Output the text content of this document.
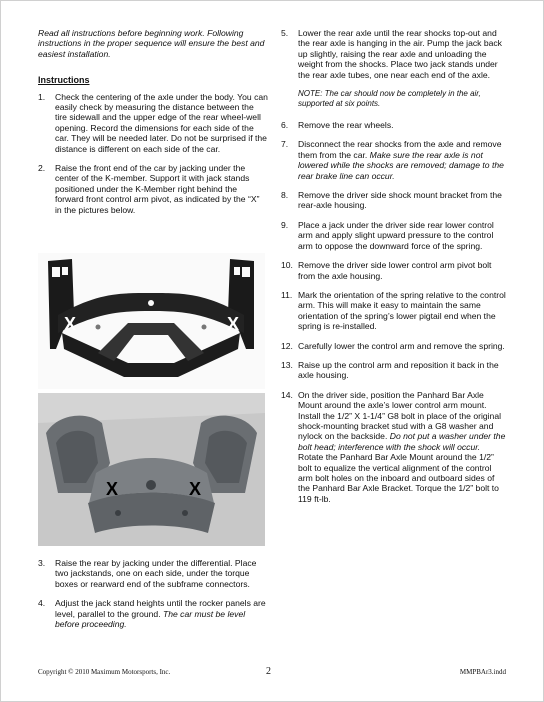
Read all instructions before beginning work. Following instructions in the proper sequence will ensure the best and easiest installation.

Instructions
1.	Check the centering of the axle under the body. You can easily check by measuring the distance between the tire sidewall and the upper edge of the rear wheel-well opening. Record the dimensions for each side of the car. They will be needed later. Do not be surprised if the distance is different on each side of the car.
2.	Raise the front end of the car by jacking under the center of the K-member. Support it with jack stands positioned under the K-Member right behind the forward front control arm pivot, as indicated by the “X” in the pictures below.
X	X
X	X
3.	Raise the rear by jacking under the differential. Place two jackstands, one on each side, under the torque boxes or rearward end of the subframe connectors.
4.	Adjust the jack stand heights until the rocker panels are level, parallel to the ground. The car must be level before proceeding.
5.	Lower the rear axle until the rear shocks top-out and the rear axle is hanging in the air. Pump the jack back up slightly, raising the rear axle and unloading the weight from the shocks. Place two jack stands under the rear axle tubes, one near each end of the axle.

NOTE: The car should now be completely in the air, supported at six points.

6.	Remove the rear wheels.
7.	Disconnect the rear shocks from the axle and remove them from the car. Make sure the rear axle is not lowered while the shocks are removed; damage to the rear brake line can occur.
8.	Remove the driver side shock mount bracket from the rear-axle housing.
9.	Place a jack under the driver side rear lower control arm and apply slight upward pressure to the control arm to oppose the downward force of the spring.
10. Remove the driver side lower control arm pivot bolt from the axle housing.
11. Mark the orientation of the spring relative to the control arm. This will make it easy to maintain the same orientation of the spring’s lower pigtail end when the spring is re-installed.
12. Carefully lower the control arm and remove the spring.
13. Raise up the control arm and reposition it back in the axle housing.
14. On the driver side, position the Panhard Bar Axle Mount around the axle’s lower control arm mount. Install the 1/2” X 1-1/4” G8 bolt in place of the original shock-mounting bracket stud with a G8 washer and nylock on the backside. Do not put a washer under the bolt head; interference with the shock will occur. Rotate the Panhard Bar Axle Mount around the 1/2” bolt to equalize the vertical alignment of the control arm bolt holes on the inboard and outboard sides of the Panhard Bar Axle Bracket. Torque the 1/2” bolt to 119 ft-lb.
Copyright © 2010 Maximum Motorsports, Inc.	2	MMPBAr3.indd
